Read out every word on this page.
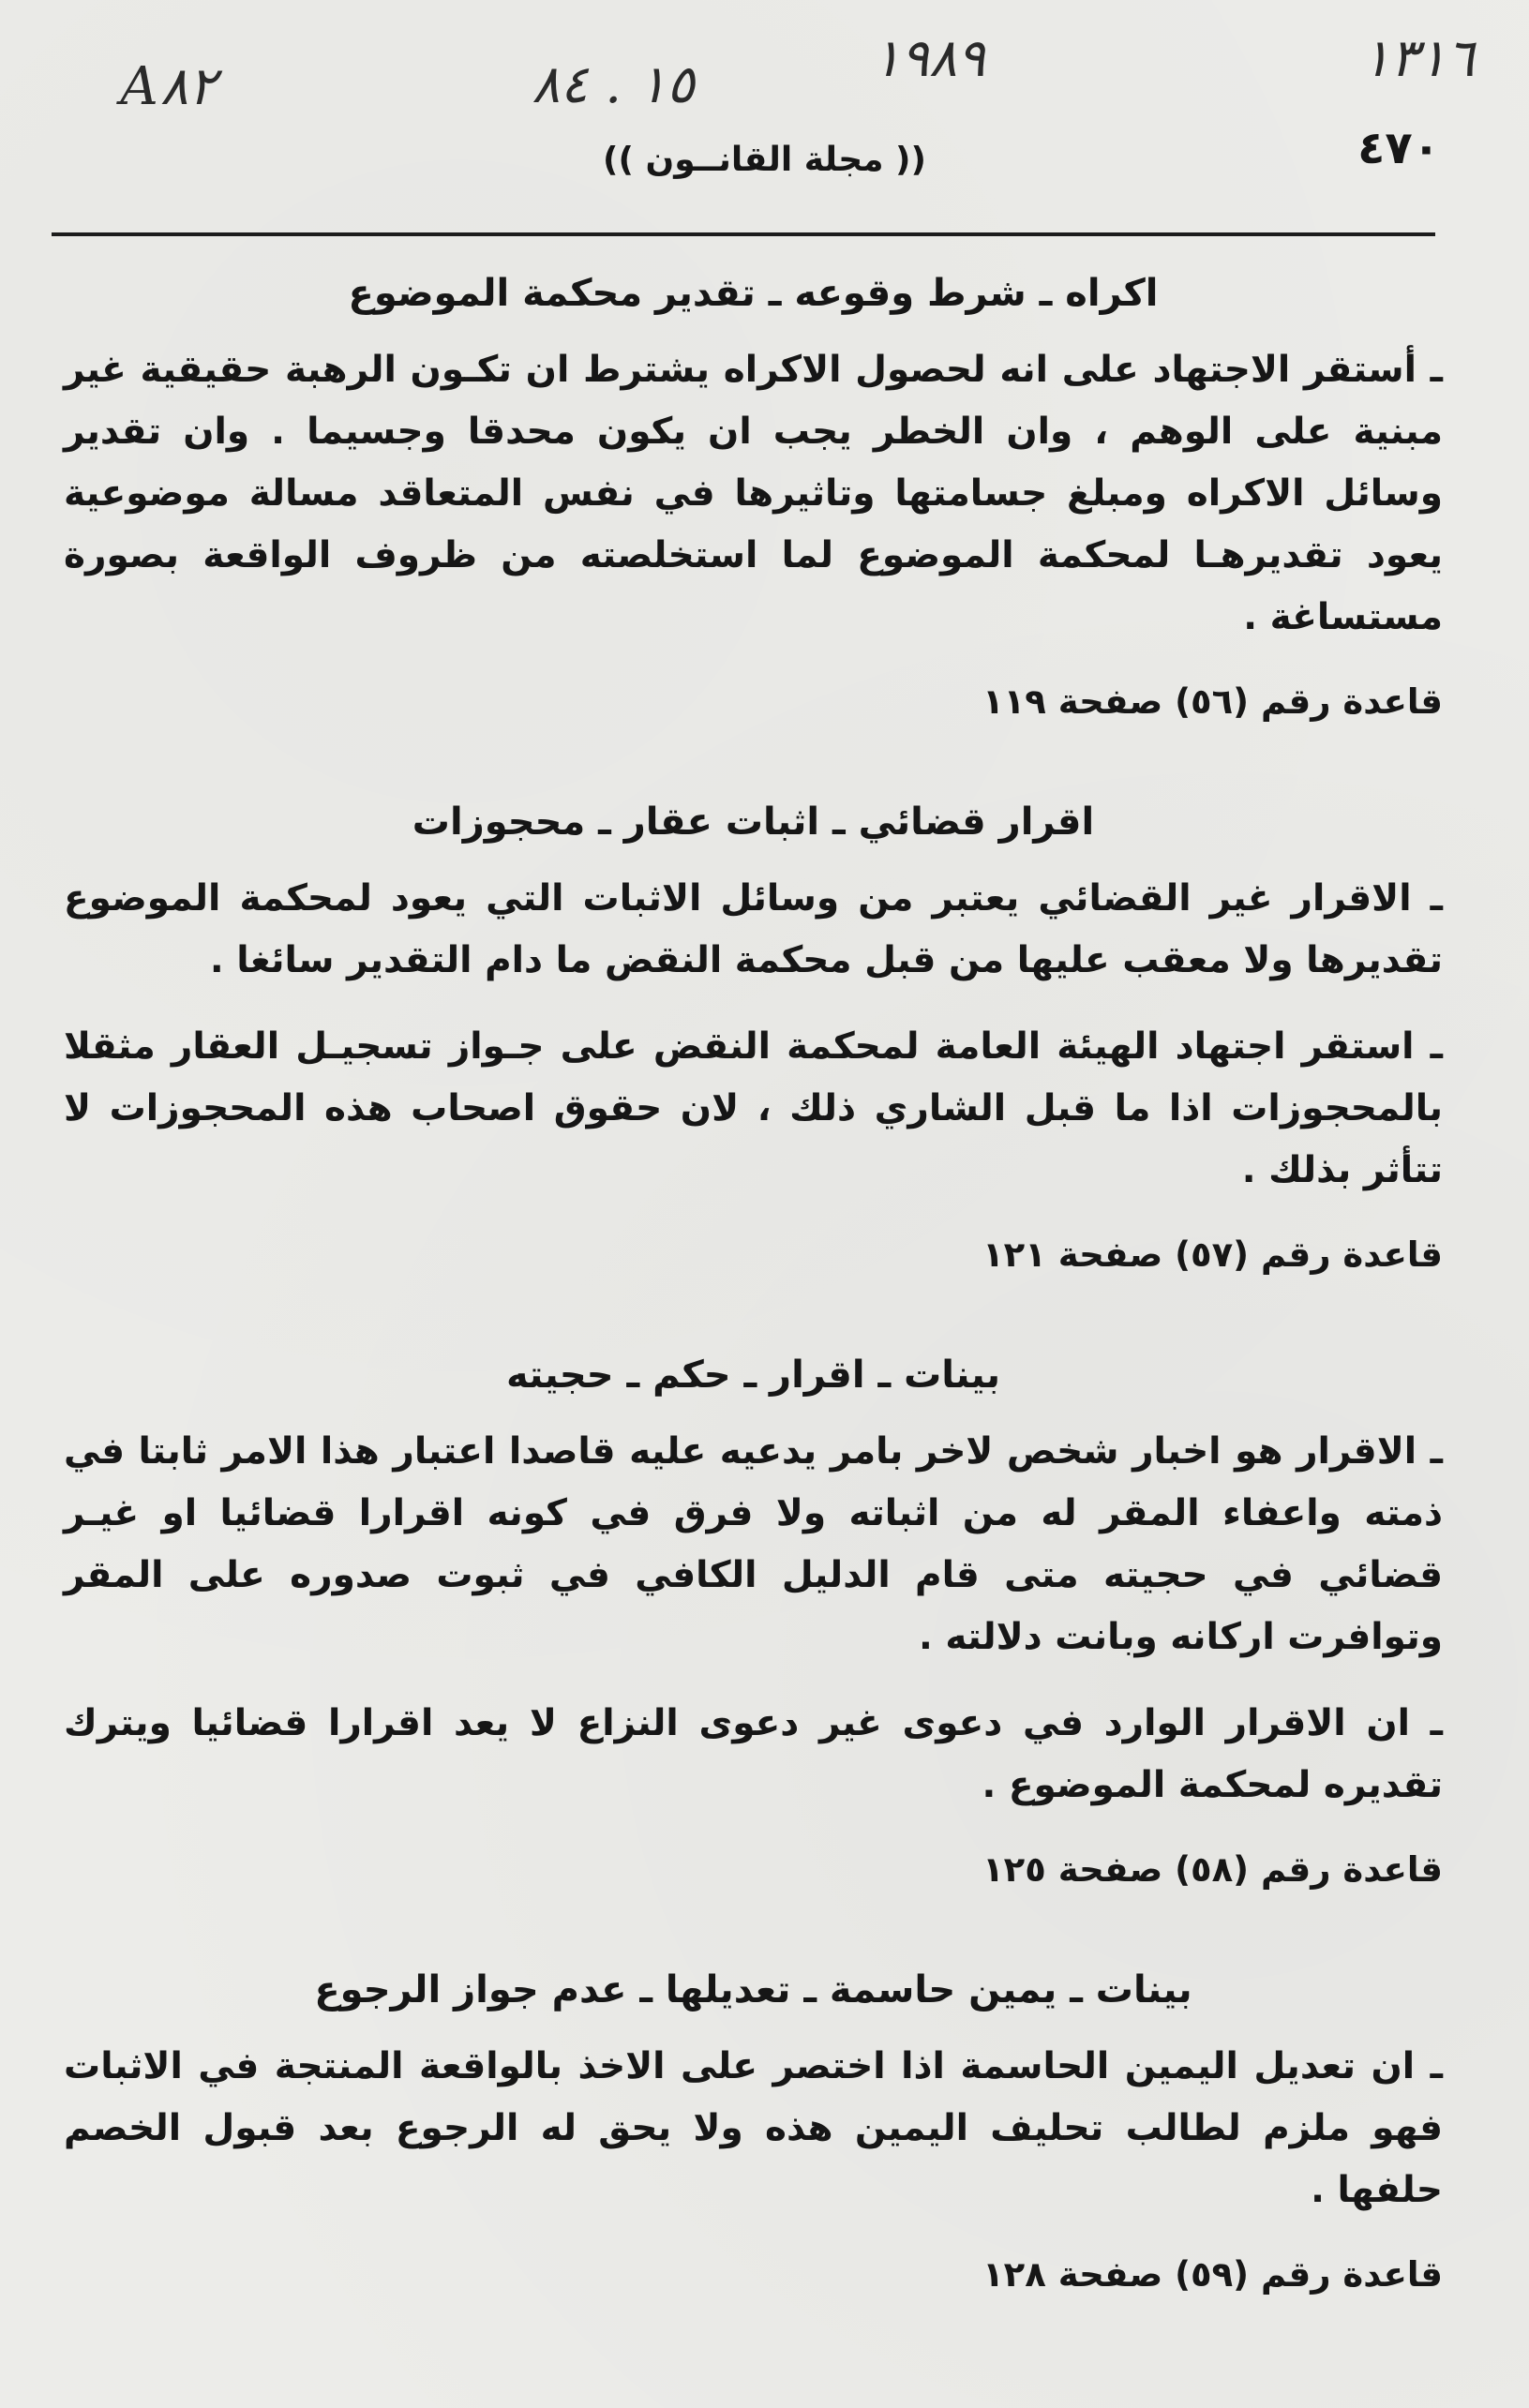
١٣١٦
١٩٨٩
١٥ . ٨٤
A٨٢
٤٧٠
(( مجلة القانــون ))
اكراه ـ شرط وقوعه ـ تقدير محكمة الموضوع

ـ أستقر الاجتهاد على انه لحصول الاكراه يشترط ان تكـون الرهبة حقيقية غير مبنية على الوهم ، وان الخطر يجب ان يكون محدقا وجسيما . وان تقدير وسائل الاكراه ومبلغ جسامتها وتاثيرها في نفس المتعاقد مسالة موضوعية يعود تقديرهـا لمحكمة الموضوع لما استخلصته من ظروف الواقعة بصورة مستساغة .

قاعدة رقم (٥٦) صفحة ١١٩
اقرار قضائي ـ اثبات عقار ـ محجوزات

ـ الاقرار غير القضائي يعتبر من وسائل الاثبات التي يعود لمحكمة الموضوع تقديرها ولا معقب عليها من قبل محكمة النقض ما دام التقدير سائغا .

ـ استقر اجتهاد الهيئة العامة لمحكمة النقض على جـواز تسجيـل العقار مثقلا بالمحجوزات اذا ما قبل الشاري ذلك ، لان حقوق اصحاب هذه المحجوزات لا تتأثر بذلك .

قاعدة رقم (٥٧) صفحة ١٢١
بينات ـ اقرار ـ حكم ـ حجيته

ـ الاقرار هو اخبار شخص لاخر بامر يدعيه عليه قاصدا اعتبار هذا الامر ثابتا في ذمته واعفاء المقر له من اثباته ولا فرق في كونه اقرارا قضائيا او غيـر قضائي في حجيته متى قام الدليل الكافي في ثبوت صدوره على المقر وتوافرت اركانه وبانت دلالته .

ـ ان الاقرار الوارد في دعوى غير دعوى النزاع لا يعد اقرارا قضائيا ويترك تقديره لمحكمة الموضوع .

قاعدة رقم (٥٨) صفحة ١٢٥
بينات ـ يمين حاسمة ـ تعديلها ـ عدم جواز الرجوع

ـ ان تعديل اليمين الحاسمة اذا اختصر على الاخذ بالواقعة المنتجة في الاثبات فهو ملزم لطالب تحليف اليمين هذه ولا يحق له الرجوع بعد قبول الخصم حلفها .

قاعدة رقم (٥٩) صفحة ١٢٨
